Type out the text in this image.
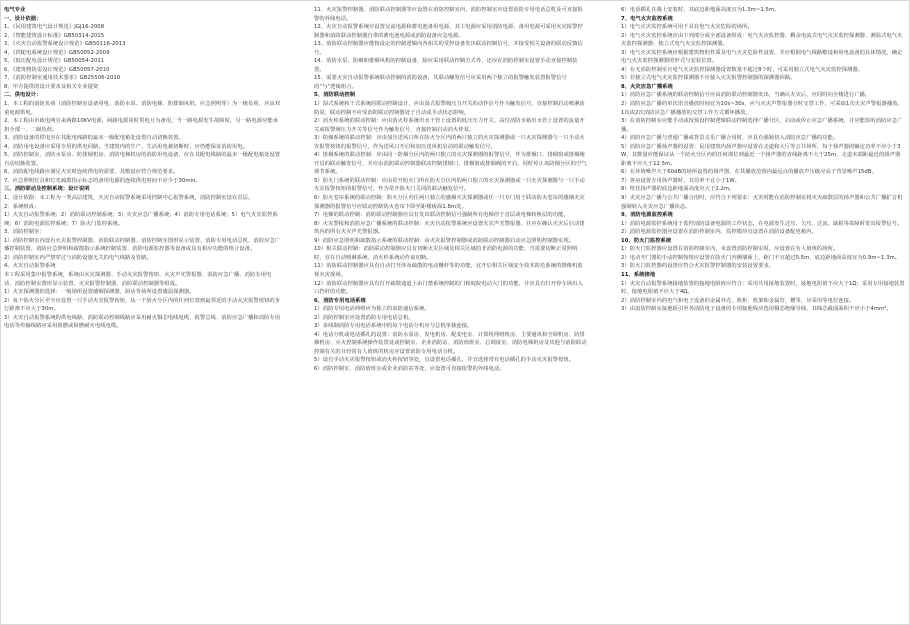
电气专业
一、设计依据：
1、《民用建筑电气设计规范》JGJ16-2008
2、《智能建筑设计标准》GB50314-2015
3、《火灾自动报警系统设计规范》GB50116-2013
4、《供配电系统设计规范》GB50052-2009
5、《低压配电设计规范》GB50054-2011
6、《建筑物防雷设计规范》GB50057-2010
7、《消防控制室通用技术要求》GB25506-2010
8、甲方提供的设计要求及相关专业提资
二、供电设计：
1、本工程的消防负荷（消防控制室设备用电、消防水泵、消防电梯、防排烟风机、应急照明等）为一级负荷，应由双重电源供电。
2、本工程由市政电网引来两路10KV电源，两路电源同时供电互为备用，当一路电源发生故障时，另一路电源应能承担全部一、二级负荷。
3、消防设备的供电应在其配电线路的最末一级配电箱处设置自动切换装置。
4、消防用电设备应采用专用的供电回路，当建筑内的生产、生活用电被切断时，应仍能保证消防用电。
5、消防控制室、消防水泵房、防排烟机房、消防电梯机房的消防用电设备，应在其配电线路的最末一级配电箱处设置自动切换装置。
6、消防配电线路应满足火灾时连续供电的需要，其敷设应符合规范要求。
7、应急照明灯具和灯光疏散指示标志的备用电源的连续供电时间不应少于30min。
三、消防联动及控制系统：设计说明
1、设计依据：本工程为一类高层建筑，火灾自动报警系统采用控制中心报警系统，消防控制室设在首层。
2、系统组成：
1）火灾自动报警系统；2）消防联动控制系统；3）火灾应急广播系统；4）消防专用电话系统；5）电气火灾监控系统；6）消防电源监控系统；7）防火门监控系统。
3、消防控制室：
1）消防控制室内设有火灾报警控制器、消防联动控制器、消防控制室图形显示装置、消防专用电话总机、消防应急广播控制装置、消防应急照明和疏散指示系统控制装置、消防电源监控器等设备或具有相应功能的组合设备。
2）消防控制室内严禁穿过与消防设施无关的电气线路及管路。
4、火灾自动报警系统
本工程采用集中报警系统，系统由火灾探测器、手动火灾报警按钮、火灾声光警报器、消防应急广播、消防专用电话、消防控制室图形显示装置、火灾报警控制器、消防联动控制器等组成。
1）火灾探测器的选择：一般场所设置感烟探测器，厨房等场所设置感温探测器。
2）每个防火分区至少应设置一只手动火灾报警按钮，从一个防火分区内的任何位置到最邻近的手动火灾报警按钮的步行距离不应大于30m。
3）火灾自动报警系统的供电线路、消防联动控制线路应采用耐火铜芯电线电缆，报警总线、消防应急广播和消防专用电话等传输线路应采用阻燃或阻燃耐火电线电缆。
11、火灾报警控制器、消防联动控制器等应设置在消防控制室内，消防控制室应设置消防专用电话总机及可直接报警的外线电话。
12、火灾自动报警系统应设置交流电源和蓄电池备用电源，其主电源应采用消防电源，备用电源可采用火灾报警控制器和消防联动控制器自带的蓄电池电源或消防设备应急电源。
13、消防联动控制器应能按设定的控制逻辑向各相关的受控设备发出联动控制信号，并接受相关设备的联动反馈信号。
14、消防水泵、防烟和排烟风机的控制设备，除应采用联动控制方式外，还应在消防控制室设置手动直接控制装置。
15、需要火灾自动报警系统联动控制的消防设备，其联动触发信号应采用两个独立的报警触发装置报警信号的“与”逻辑组合。
5、消防联动控制
1）湿式系统和干式系统的联动控制设计，应由湿式报警阀压力开关的动作信号作为触发信号，直接控制启动喷淋消防泵，联动控制不应受消防联动控制器处于自动或手动状态影响。
2）消火栓系统的联动控制：应由消火栓系统出水干管上设置的低压压力开关、高位消防水箱出水管上设置的流量开关或报警阀压力开关等信号作为触发信号，直接控制启动消火栓泵。
3）防烟系统的联动控制：应由加压送风口所在防火分区内的两只独立的火灾探测器或一只火灾探测器与一只手动火灾报警按钮的报警信号，作为送风口开启和加压送风机启动的联动触发信号。
4）排烟系统的联动控制：应由同一防烟分区内的两只独立的火灾探测器的报警信号，作为排烟口、排烟窗或排烟阀开启的联动触发信号，并应由消防联动控制器联动控制排烟口、排烟窗或排烟阀的开启，同时停止该防烟分区的空气调节系统。
5）防火门系统的联动控制：应由常开防火门所在防火分区内的两只独立的火灾探测器或一只火灾探测器与一只手动火灾报警按钮的报警信号，作为常开防火门关闭的联动触发信号。
6）防火卷帘系统的联动控制：防火分区内任两只独立的感烟火灾探测器或任一只专门用于联动防火卷帘的感烟火灾探测器的报警信号应联动控制防火卷帘下降至距楼板面1.8m处。
7）电梯的联动控制：消防联动控制器应具有发出联动控制信号强制所有电梯停于首层或电梯转换层的功能。
8）火灾警报和消防应急广播系统的联动控制：火灾自动报警系统应设置火灾声光警报器，并应在确认火灾后启动建筑内的所有火灾声光警报器。
9）消防应急照明和疏散指示系统的联动控制：由火灾报警控制器或消防联动控制器启动应急照明控制器实现。
10）相关联动控制：消防联动控制器应具有切断火灾区域及相关区域的非消防电源的功能，当需要切断正常照明时，宜在自动喷淋系统、消火栓系统动作前切断。
11）消防联动控制器应具有自动打开涉及疏散的电动栅杆等的功能，宜开启相关区域安全技术防范系统的摄像机监视火灾现场。
12）消防联动控制器应具有打开疏散通道上由门禁系统控制的门和庭院电动大门的功能，并应具有打开停车场出入口挡杆的功能。
6、消防专用电话系统
1）消防专用电话网络应为独立的消防通信系统。
2）消防控制室应设置消防专用电话总机。
3）多线制消防专用电话系统中的每个电话分机应与总机单独连接。
4）电话分机或电话插孔的设置：消防水泵房、发电机房、配变电室、计算机网络机房、主要通风和空调机房、防排烟机房、灭火控制系统操作装置处或控制室、企业消防站、消防值班室、总调度室、消防电梯机房及其他与消防联动控制有关的且经常有人值班的机房应设置消防专用电话分机。
5）设有手动火灾报警按钮或消火栓按钮等处，宜设置电话插孔，并宜选择带有电话插孔的手动火灾报警按钮。
6）消防控制室、消防值班室或企业消防站等处，应设置可直接报警的外线电话。
6）电话插孔在墙上安装时，其底边距地面高度宜为1.3m~1.5m。
7、电气火灾监控系统
1）电气火灾监控系统可用于具有电气火灾危险的场所。
2）电气火灾监控系统应由下列部分或全部设备组成：电气火灾监控器、剩余电流式电气火灾监控探测器、测温式电气火灾监控探测器、独立式电气火灾监控探测器。
3）电气火灾监控系统应根据建筑物的性质及电气火灾危险性设置，并应根据电气线路敷设和用电设备的具体情况，确定电气火灾监控探测器的形式与安装位置。
4）在无消防控制室且电气火灾监控探测器设置数量不超过8个时，可采用独立式电气火灾监控探测器。
5）非独立式电气火灾监控探测器不应接入火灾报警控制器的探测器回路。
8、火灾应急广播系统
1）消防应急广播系统的联动控制信号应由消防联动控制器发出，当确认火灾后，应同时向全楼进行广播。
2）消防应急广播的单次语音播放时间宜为10s~30s，应与火灾声警报器分时交替工作，可采取1次火灾声警报器播放、1次或2次消防应急广播播放的交替工作方式循环播放。
3）在消防控制室应能手动或按预设控制逻辑联动控制选择广播分区、启动或停止应急广播系统，并应能监听消防应急广播。
4）消防应急广播与普通广播或背景音乐广播合用时，应具有强制切入消防应急广播的功能。
5）消防应急广播扬声器的设置：民用建筑内扬声器应设置在走道和大厅等公共场所，每个扬声器的额定功率不应小于3W，其数量应能保证从一个防火分区内的任何部位到最近一个扬声器的直线距离不大于25m，走道末端距最近的扬声器距离不应大于12.5m。
6）在环境噪声大于60dB的场所设置的扬声器，在其播放范围内最远点的播放声压级应高于背景噪声15dB。
7）客房设置专用扬声器时，其功率不宜小于1W。
8）壁挂扬声器的底边距地面高度应大于2.2m。
9）火灾应急广播与公共广播合用时，应符合下列要求：火灾时能在消防控制室将火灾疏散层的扬声器和公共广播扩音机强制转入火灾应急广播状态。
9、消防电源监控系统
1）消防电源监控系统用于监控消防设备电源的工作状态，在电源发生过压、欠压、过流、缺相等故障时发出报警信号。
2）消防电源监控器应设置在消防控制室内，监控模块宜设置在消防设备配电箱内。
10、防火门监控系统
1）防火门监控器应设置在消防控制室内，未设置消防控制室时，应设置在有人值班的场所。
2）电动开门器的手动控制按钮应设置在防火门内侧墙面上，距门不宜超过0.5m，底边距地面高度宜为0.9m~1.3m。
3）防火门监控器的设置应符合火灾报警控制器的安装设置要求。
11、系统接地
1）火灾自动报警系统接地装置的接地电阻值应符合：采用共用接地装置时，接地电阻值不应大于1Ω；采用专用接地装置时，接地电阻值不应大于4Ω。
2）消防控制室内的电气和电子设备的金属外壳、机柜、机架和金属管、槽等，应采用等电位连接。
3）由消防控制室接地板引至各消防电子设备的专用接地线应选用铜芯绝缘导线，其线芯截面面积不应小于4mm²。
